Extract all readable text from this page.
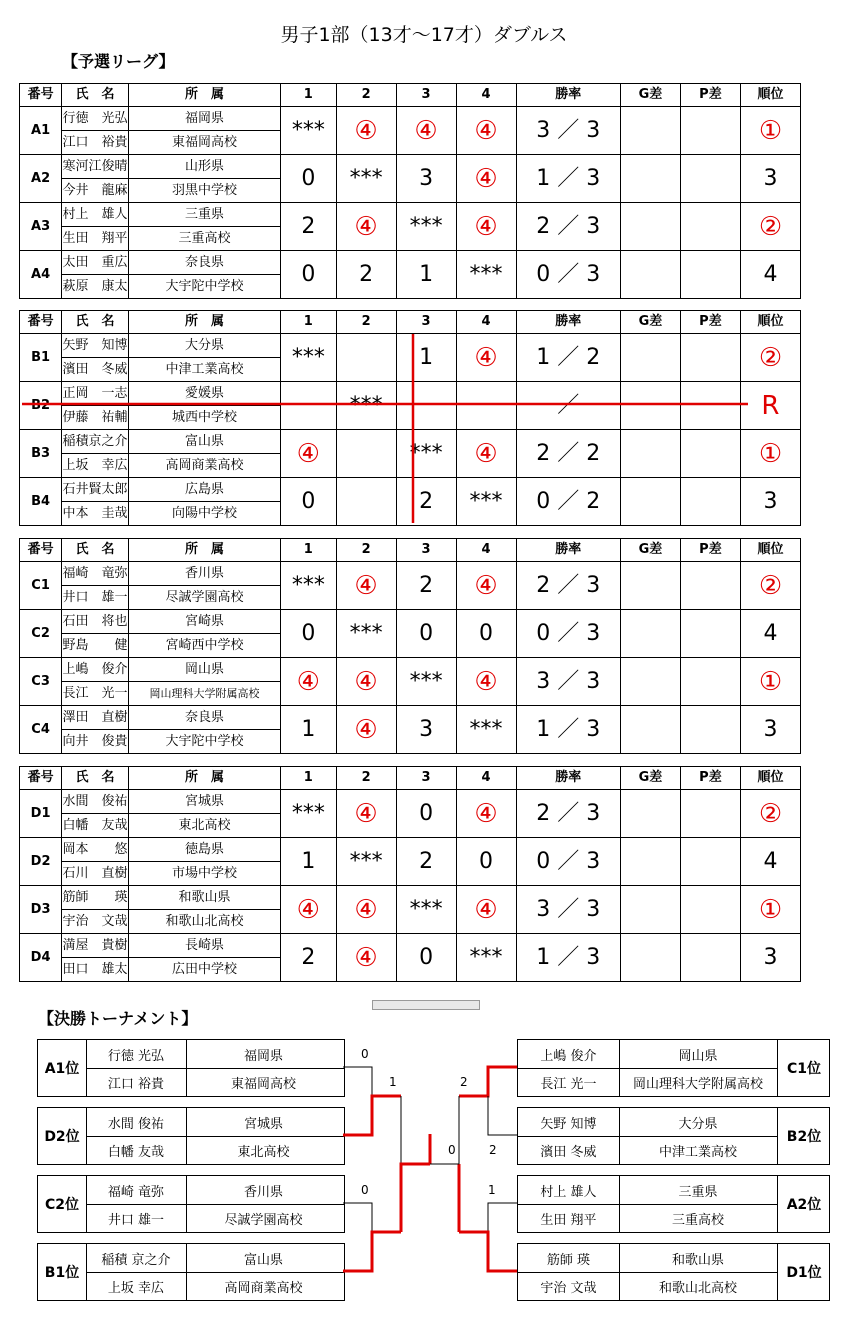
男子1部（13才～17才）ダブルス
【予選リーグ】
番号	氏　名	所　属	1	2	3	4	勝率	G差	P差	順位
A1	行徳　光弘	福岡県	***	④	④	④	3 ／ 3			①
	江口　裕貴	東福岡高校								
A2	寒河江俊晴	山形県	0	***	3	④	1 ／ 3			3
	今井　龍麻	羽黒中学校								
A3	村上　雄人	三重県	2	④	***	④	2 ／ 3			②
	生田　翔平	三重高校								
A4	太田　重広	奈良県	0	2	1	***	0 ／ 3			4
	萩原　康太	大宇陀中学校								
番号	氏　名	所　属	1	2	3	4	勝率	G差	P差	順位
B1	矢野　知博	大分県	***		1	④	1 ／ 2			②
	濱田　冬威	中津工業高校								
B2	正岡　一志	愛媛県		***			／			R
	伊藤　祐輔	城西中学校								
B3	稲積京之介	富山県	④		***	④	2 ／ 2			①
	上坂　幸広	高岡商業高校								
B4	石井賢太郎	広島県	0		2	***	0 ／ 2			3
	中本　圭哉	向陽中学校								
番号	氏　名	所　属	1	2	3	4	勝率	G差	P差	順位
C1	福崎　竜弥	香川県	***	④	2	④	2 ／ 3			②
	井口　雄一	尽誠学園高校								
C2	石田　将也	宮崎県	0	***	0	0	0 ／ 3			4
	野島　　健	宮崎西中学校								
C3	上嶋　俊介	岡山県	④	④	***	④	3 ／ 3			①
	長江　光一	岡山理科大学附属高校								
C4	澤田　直樹	奈良県	1	④	3	***	1 ／ 3			3
	向井　俊貴	大宇陀中学校								
番号	氏　名	所　属	1	2	3	4	勝率	G差	P差	順位
D1	水間　俊祐	宮城県	***	④	0	④	2 ／ 3			②
	白幡　友哉	東北高校								
D2	岡本　　悠	徳島県	1	***	2	0	0 ／ 3			4
	石川　直樹	市場中学校								
D3	筋師　　瑛	和歌山県	④	④	***	④	3 ／ 3			①
	宇治　文哉	和歌山北高校								
D4	満屋　貴樹	長崎県	2	④	0	***	1 ／ 3			3
	田口　雄太	広田中学校								
【決勝トーナメント】
A1位
行徳 光弘
江口 裕貴
福岡県
東福岡高校
D2位
水間 俊祐
白幡 友哉
宮城県
東北高校
C2位
福崎 竜弥
井口 雄一
香川県
尽誠学園高校
B1位
稲積 京之介
上坂 幸広
富山県
高岡商業高校
C1位
上嶋 俊介
長江 光一
岡山県
岡山理科大学附属高校
B2位
矢野 知博
濱田 冬威
大分県
中津工業高校
A2位
村上 雄人
生田 翔平
三重県
三重高校
D1位
筋師 瑛
宇治 文哉
和歌山県
和歌山北高校
0
1
0
2
0	2
1
